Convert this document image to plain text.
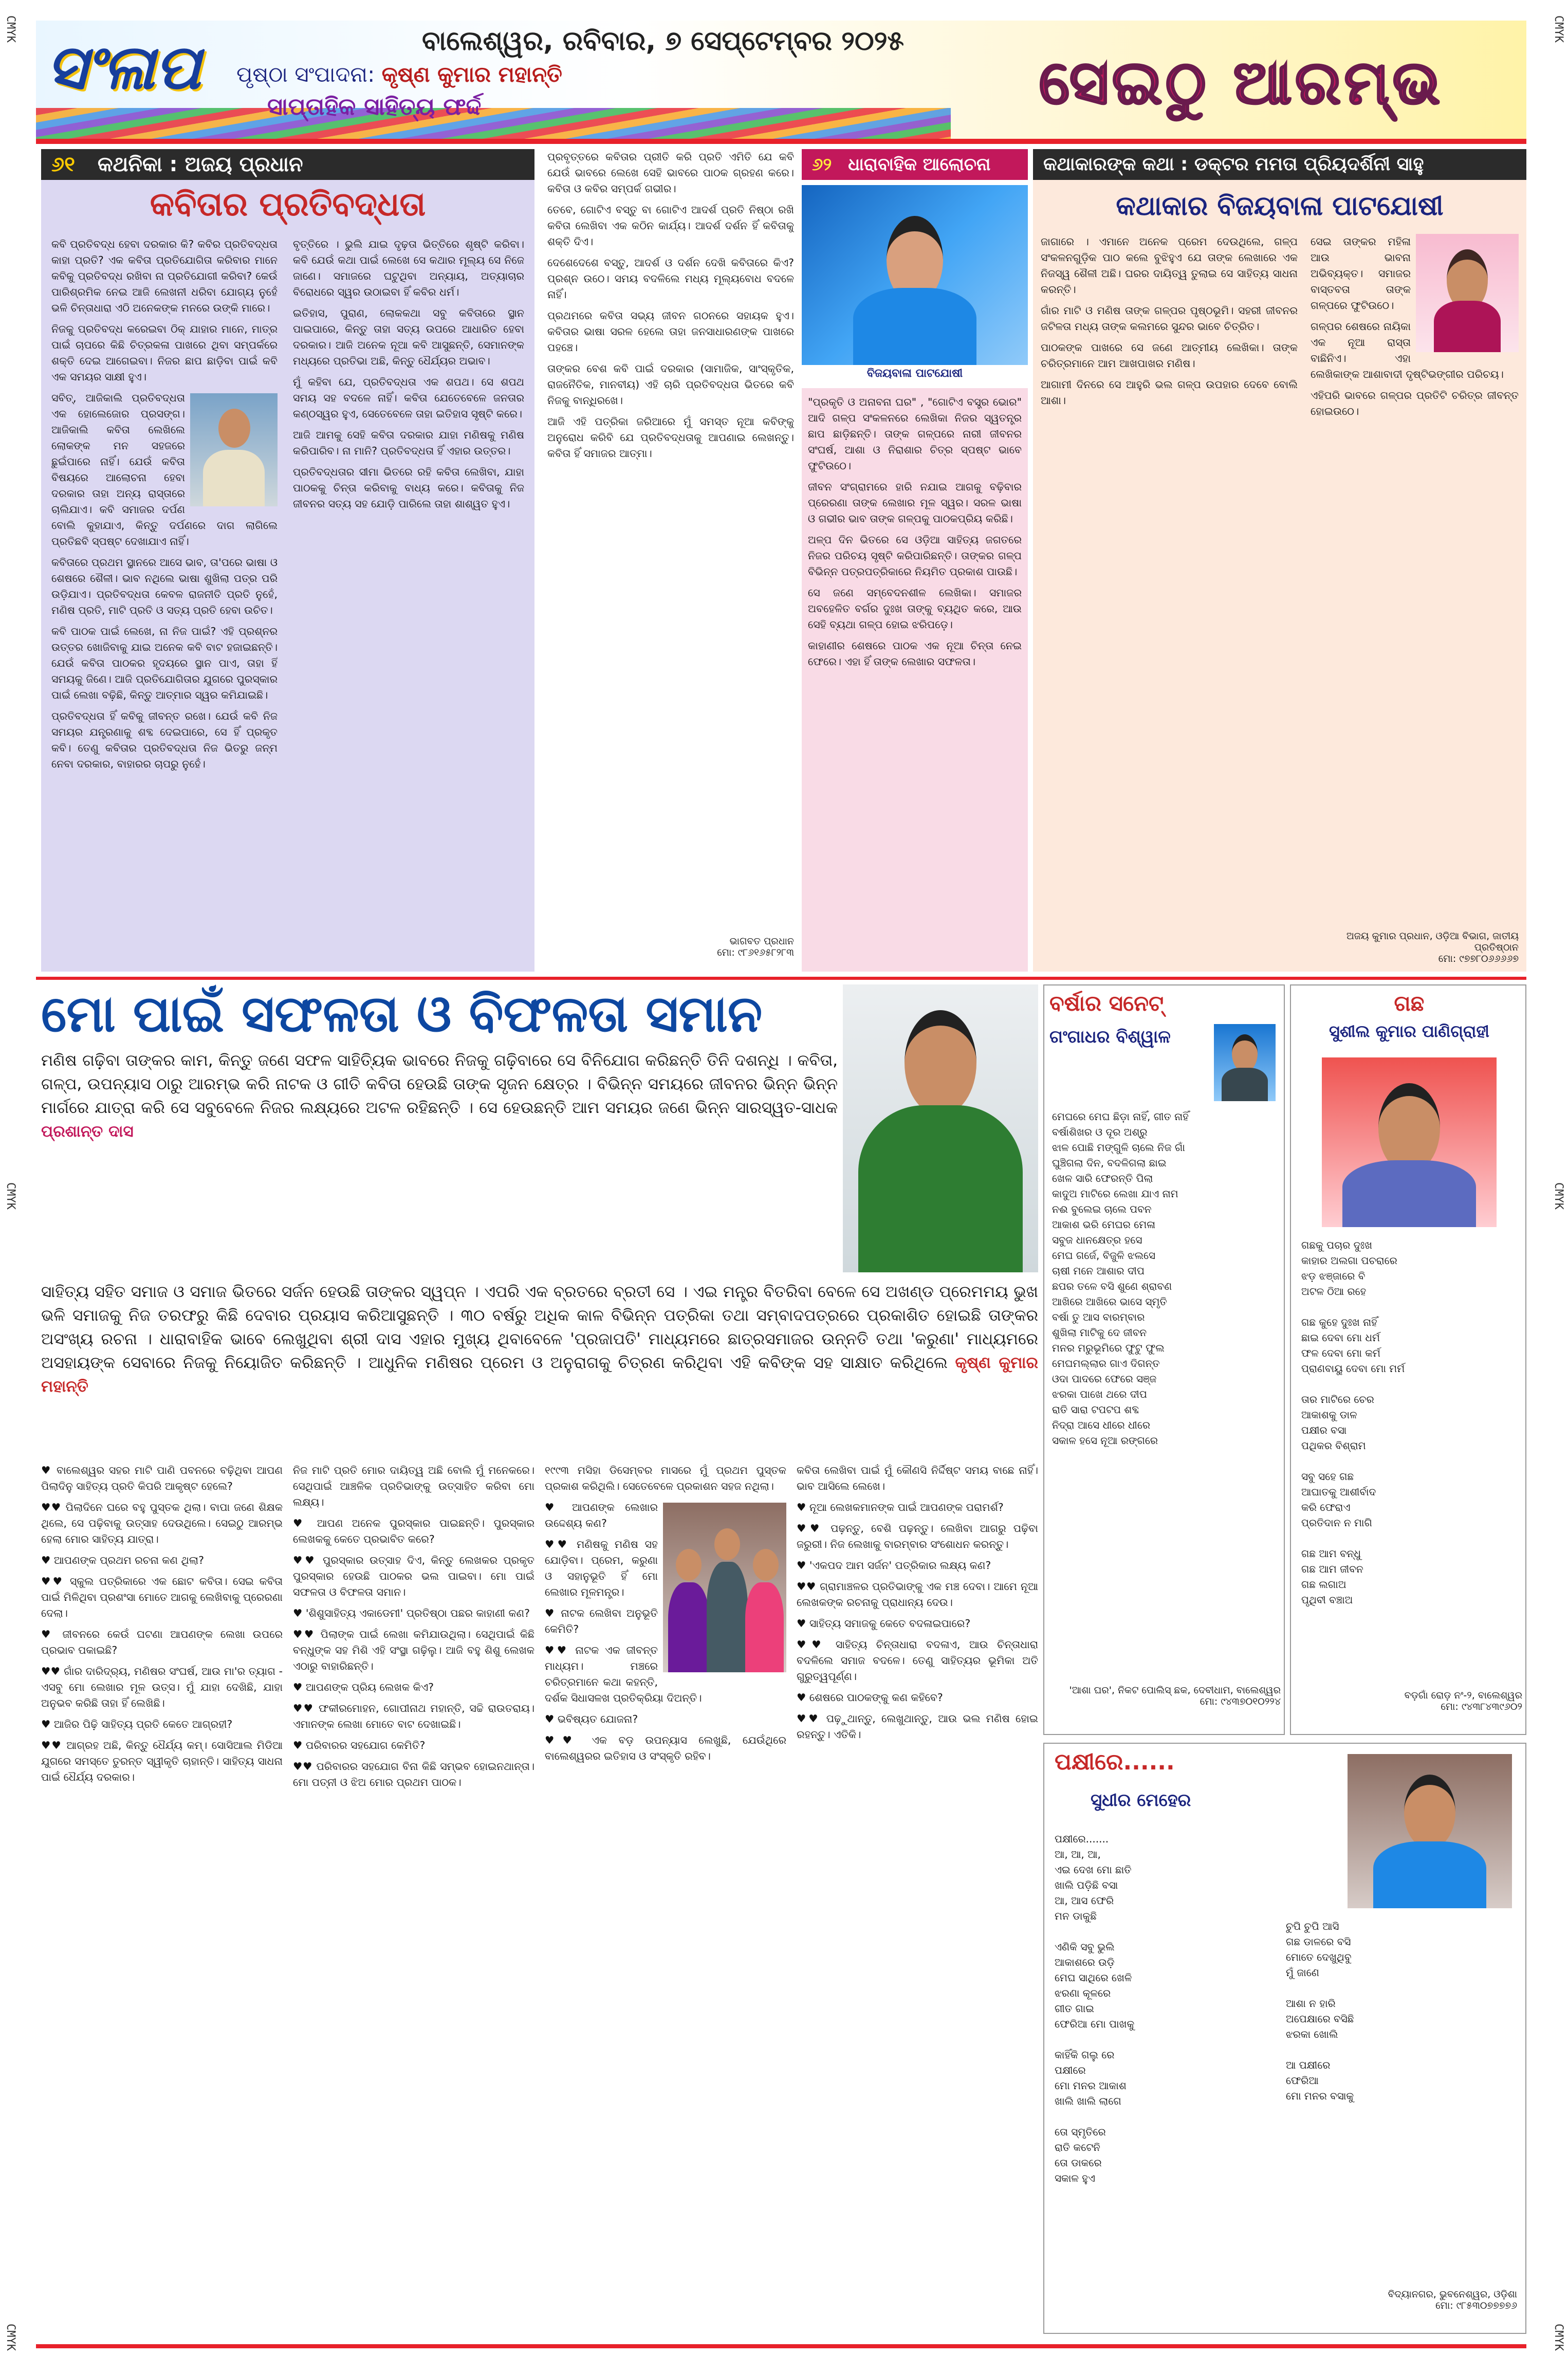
CMYK	CMYK
CMYK	CMYK
CMYK	CMYK
ସଂଳାପ	ବାଲେଶ୍ୱର, ରବିବାର, ୭ ସେପ୍ଟେମ୍ବର ୨୦୨୫
ପୃଷ୍ଠା ସଂପାଦନା: କୃଷ୍ଣ କୁମାର ମହାନ୍ତି
ସାପ୍ତାହିକ ସାହିତ୍ୟ ଫର୍ଦ୍ଦ	ସେଇଠୁ ଆରମ୍ଭ
୬୧ କଥନିକା : ଅଜୟ ପ୍ରଧାନ
କବିତାର ପ୍ରତିବଦ୍ଧତା

କବି ପ୍ରତିବଦ୍ଧ ହେବା ଦରକାର କି? କବିର ପ୍ରତିବଦ୍ଧତା କାହା ପ୍ରତି? ଏକ କବିତା ପ୍ରତିଯୋଗିତା କରିବାର ମାନେ କବିକୁ ପ୍ରତିବଦ୍ଧ ରଖିବା ନା ପ୍ରତିଯୋଗୀ କରିବା? କେଉଁ ପାରିଶ୍ରମିକ ନେଇ ଆଜି ଲେଖନୀ ଧରିବା ଯୋଗ୍ୟ ନୁହେଁ ଭଳି ଚିନ୍ତାଧାରା ଏଠି ଅନେକଙ୍କ ମନରେ ଉଙ୍କି ମାରେ।

ନିଜକୁ ପ୍ରତିବଦ୍ଧ କରେଇବା ଠିକ୍ ଯାହାର ମାନେ, ମାତ୍ର ପାଇଁ ଚାପରେ କିଛି ଚିତ୍ରକଳା ପାଖରେ ଥିବା ସମ୍ପର୍କରେ ଶକ୍ତି ଦେଇ ଆଗେଇବା। ନିଜର ଛାପ ଛାଡ଼ିବା ପାଇଁ କବି ଏକ ସମୟର ସାକ୍ଷୀ ହୁଏ।

ସବିତ୍, ଆଜିକାଲି ପ୍ରତିବଦ୍ଧତା ଏକ ହୋଲେଜୋର ପ୍ରସଙ୍ଗ। ଆଜିକାଲି କବିତା ଲେଖିଲେ ଲୋକଙ୍କ ମନ ସହଜରେ ଛୁଇଁପାରେ ନାହିଁ। ଯେଉଁ କବିତା ବିଷୟରେ ଆଲୋଚନା ହେବା ଦରକାର ତାହା ଅନ୍ୟ ରାସ୍ତାରେ ଚାଲିଯାଏ। କବି ସମାଜର ଦର୍ପଣ ବୋଲି କୁହାଯାଏ, କିନ୍ତୁ ଦର୍ପଣରେ ଦାଗ ଲାଗିଲେ ପ୍ରତିଛବି ସ୍ପଷ୍ଟ ଦେଖାଯାଏ ନାହିଁ।

କବିତାରେ ପ୍ରଥମ ସ୍ଥାନରେ ଆସେ ଭାବ, ତା'ପରେ ଭାଷା ଓ ଶେଷରେ ଶୈଳୀ। ଭାବ ନଥିଲେ ଭାଷା ଶୁଖିଲା ପତ୍ର ପରି ଉଡ଼ିଯାଏ। ପ୍ରତିବଦ୍ଧତା କେବଳ ରାଜନୀତି ପ୍ରତି ନୁହେଁ, ମଣିଷ ପ୍ରତି, ମାଟି ପ୍ରତି ଓ ସତ୍ୟ ପ୍ରତି ହେବା ଉଚିତ।

କବି ପାଠକ ପାଇଁ ଲେଖେ, ନା ନିଜ ପାଇଁ? ଏହି ପ୍ରଶ୍ନର ଉତ୍ତର ଖୋଜିବାକୁ ଯାଇ ଅନେକ କବି ବାଟ ହଜାଇଛନ୍ତି। ଯେଉଁ କବିତା ପାଠକର ହୃଦୟରେ ସ୍ଥାନ ପାଏ, ତାହା ହିଁ ସମୟକୁ ଜିଣେ। ଆଜି ପ୍ରତିଯୋଗିତାର ଯୁଗରେ ପୁରସ୍କାର ପାଇଁ ଲେଖା ବଢ଼ିଛି, କିନ୍ତୁ ଆତ୍ମାର ସ୍ୱର କମିଯାଇଛି।

ପ୍ରତିବଦ୍ଧତା ହିଁ କବିକୁ ଜୀବନ୍ତ ରଖେ। ଯେଉଁ କବି ନିଜ ସମୟର ଯନ୍ତ୍ରଣାକୁ ଶବ୍ଦ ଦେଇପାରେ, ସେ ହିଁ ପ୍ରକୃତ କବି। ତେଣୁ କବିତାର ପ୍ରତିବଦ୍ଧତା ନିଜ ଭିତରୁ ଜନ୍ମ ନେବା ଦରକାର, ବାହାରର ଚାପରୁ ନୁହେଁ।

ବୃତ୍ତିରେ । ଭୁଲି ଯାଇ ଦୃଢ଼ତା ଭିତ୍ତିରେ ଶୃଷ୍ଟି କରିବା। କବି ଯେଉଁ କଥା ପାଇଁ ଲେଖେ ସେ କଥାର ମୂଲ୍ୟ ସେ ନିଜେ ଜାଣେ। ସମାଜରେ ଘଟୁଥିବା ଅନ୍ୟାୟ, ଅତ୍ୟାଚାର ବିରୋଧରେ ସ୍ୱର ଉଠାଇବା ହିଁ କବିର ଧର୍ମ।

ଇତିହାସ, ପୁରାଣ, ଲୋକକଥା ସବୁ କବିତାରେ ସ୍ଥାନ ପାଇପାରେ, କିନ୍ତୁ ତାହା ସତ୍ୟ ଉପରେ ଆଧାରିତ ହେବା ଦରକାର। ଆଜି ଅନେକ ନୂଆ କବି ଆସୁଛନ୍ତି, ସେମାନଙ୍କ ମଧ୍ୟରେ ପ୍ରତିଭା ଅଛି, କିନ୍ତୁ ଧୈର୍ଯ୍ୟର ଅଭାବ।

ମୁଁ କହିବା ଯେ, ପ୍ରତିବଦ୍ଧତା ଏକ ଶପଥ। ସେ ଶପଥ ସମୟ ସହ ବଦଳେ ନାହିଁ। କବିତା ଯେତେବେଳେ ଜନତାର କଣ୍ଠସ୍ୱର ହୁଏ, ସେତେବେଳେ ତାହା ଇତିହାସ ସୃଷ୍ଟି କରେ।

ଆଜି ଆମକୁ ସେହି କବିତା ଦରକାର ଯାହା ମଣିଷକୁ ମଣିଷ କରିପାରିବ। ନା ମାନି? ପ୍ରତିବଦ୍ଧତା ହିଁ ଏହାର ଉତ୍ତର।

ପ୍ରତିବଦ୍ଧତାର ସୀମା ଭିତରେ ରହି କବିତା ଲେଖିବା, ଯାହା ପାଠକକୁ ଚିନ୍ତା କରିବାକୁ ବାଧ୍ୟ କରେ। କବିତାକୁ ନିଜ ଜୀବନର ସତ୍ୟ ସହ ଯୋଡ଼ି ପାରିଲେ ତାହା ଶାଶ୍ୱତ ହୁଏ।

ପ୍ରବୃତ୍ତରେ କବିତାର ପ୍ରୀତି କରି ପ୍ରତି ଏମିତି ଯେ କବି ଯେଉଁ ଭାବରେ ଲେଖେ ସେହି ଭାବରେ ପାଠକ ଗ୍ରହଣ କରେ। କବିତା ଓ କବିର ସମ୍ପର୍କ ଗଭୀର।

ତେବେ, ଗୋଟିଏ ବସ୍ତୁ ବା ଗୋଟିଏ ଆଦର୍ଶ ପ୍ରତି ନିଷ୍ଠା ରଖି କବିତା ଲେଖିବା ଏକ କଠିନ କାର୍ଯ୍ୟ। ଆଦର୍ଶ ଦର୍ଶନ ହିଁ କବିତାକୁ ଶକ୍ତି ଦିଏ।

ଦେଶେଦେଶେ ବସ୍ତୁ, ଆଦର୍ଶ ଓ ଦର୍ଶନ ଦେଖି କବିତାରେ କିଏ? ପ୍ରଶ୍ନ ଉଠେ। ସମୟ ବଦଳିଲେ ମଧ୍ୟ ମୂଲ୍ୟବୋଧ ବଦଳେ ନାହିଁ।

ପ୍ରଥମରେ କବିତା ସଭ୍ୟ ଜୀବନ ଗଠନରେ ସହାୟକ ହୁଏ। କବିତାର ଭାଷା ସରଳ ହେଲେ ତାହା ଜନସାଧାରଣଙ୍କ ପାଖରେ ପହଞ୍ଚେ।

ତାଙ୍କର ବେଶ କବି ପାଇଁ ଦରକାର (ସାମାଜିକ, ସାଂସ୍କୃତିକ, ରାଜନୈତିକ, ମାନବୀୟ) ଏହି ଚାରି ପ୍ରତିବଦ୍ଧତା ଭିତରେ କବି ନିଜକୁ ବାନ୍ଧିରଖେ।

ଆଜି ଏହି ପତ୍ରିକା ଜରିଆରେ ମୁଁ ସମସ୍ତ ନୂଆ କବିଙ୍କୁ ଅନୁରୋଧ କରିବି ଯେ ପ୍ରତିବଦ୍ଧତାକୁ ଆପଣାଇ ଲେଖନ୍ତୁ। କବିତା ହିଁ ସମାଜର ଆତ୍ମା।

ଭାଗବତ ପ୍ରଧାନ
ମୋ: ୯୮୬୧୬୫୮୨୮୩
୬୨ ଧାରାବାହିକ ଆଲୋଚନା
ବିଜୟବାଳା ପାଟଯୋଷୀ

"ପ୍ରକୃତି ଓ ଅନାବନା ଘର" , "ଗୋଟିଏ ବସ୍ତ୍ର ଭୋର" ଆଦି ଗଳ୍ପ ସଂକଳନରେ ଲେଖିକା ନିଜର ସ୍ୱତନ୍ତ୍ର ଛାପ ଛାଡ଼ିଛନ୍ତି। ତାଙ୍କ ଗଳ୍ପରେ ନାରୀ ଜୀବନର ସଂଘର୍ଷ, ଆଶା ଓ ନିରାଶାର ଚିତ୍ର ସ୍ପଷ୍ଟ ଭାବେ ଫୁଟିଉଠେ।

ଜୀବନ ସଂଗ୍ରାମରେ ହାରି ନଯାଇ ଆଗକୁ ବଢ଼ିବାର ପ୍ରେରଣା ତାଙ୍କ ଲେଖାର ମୂଳ ସ୍ୱର। ସରଳ ଭାଷା ଓ ଗଭୀର ଭାବ ତାଙ୍କ ଗଳ୍ପକୁ ପାଠକପ୍ରିୟ କରିଛି।

ଅଳ୍ପ ଦିନ ଭିତରେ ସେ ଓଡ଼ିଆ ସାହିତ୍ୟ ଜଗତରେ ନିଜର ପରିଚୟ ସୃଷ୍ଟି କରିପାରିଛନ୍ତି। ତାଙ୍କର ଗଳ୍ପ ବିଭିନ୍ନ ପତ୍ରପତ୍ରିକାରେ ନିୟମିତ ପ୍ରକାଶ ପାଉଛି।

ସେ ଜଣେ ସମ୍ବେଦନଶୀଳ ଲେଖିକା। ସମାଜର ଅବହେଳିତ ବର୍ଗର ଦୁଃଖ ତାଙ୍କୁ ବ୍ୟଥିତ କରେ, ଆଉ ସେହି ବ୍ୟଥା ଗଳ୍ପ ହୋଇ ଝରିପଡ଼େ।

କାହାଣୀର ଶେଷରେ ପାଠକ ଏକ ନୂଆ ଚିନ୍ତା ନେଇ ଫେରେ। ଏହା ହିଁ ତାଙ୍କ ଲେଖାର ସଫଳତା।

କଥାକାରଙ୍କ କଥା : ଡକ୍ଟର ମମତା ପ୍ରିୟଦର୍ଶିନୀ ସାହୁ
କଥାକାର ବିଜୟବାଳା ପାଟଯୋଷୀ

ଜାଗାରେ । ଏମାନେ ଅନେକ ପ୍ରେମ ଦେଉଥିଲେ, ଗଳ୍ପ ସଂକଳନଗୁଡ଼ିକ ପାଠ କଲେ ବୁଝିହୁଏ ଯେ ତାଙ୍କ ଲେଖାରେ ଏକ ନିଜସ୍ୱ ଶୈଳୀ ଅଛି। ଘରର ଦାୟିତ୍ୱ ତୁଲାଇ ସେ ସାହିତ୍ୟ ସାଧନା କରନ୍ତି।

ଗାଁର ମାଟି ଓ ମଣିଷ ତାଙ୍କ ଗଳ୍ପର ପୃଷ୍ଠଭୂମି। ସହରୀ ଜୀବନର ଜଟିଳତା ମଧ୍ୟ ତାଙ୍କ କଲମରେ ସୁନ୍ଦର ଭାବେ ଚିତ୍ରିତ।

ପାଠକଙ୍କ ପାଖରେ ସେ ଜଣେ ଆତ୍ମୀୟ ଲେଖିକା। ତାଙ୍କ ଚରିତ୍ରମାନେ ଆମ ଆଖପାଖର ମଣିଷ।

ଆଗାମୀ ଦିନରେ ସେ ଆହୁରି ଭଲ ଗଳ୍ପ ଉପହାର ଦେବେ ବୋଲି ଆଶା।

ସେଇ ତାଙ୍କର ମହିଳା ଆଉ ଭାବନା ଅଭିବ୍ୟକ୍ତ। ସମାଜର ବାସ୍ତବତା ତାଙ୍କ ଗଳ୍ପରେ ଫୁଟିଉଠେ।

ଗଳ୍ପର ଶେଷରେ ନାୟିକା ଏକ ନୂଆ ରାସ୍ତା ବାଛିନିଏ। ଏହା ଲେଖିକାଙ୍କ ଆଶାବାଦୀ ଦୃଷ୍ଟିଭଙ୍ଗୀର ପରିଚୟ।

ଏହିପରି ଭାବରେ ଗଳ୍ପର ପ୍ରତିଟି ଚରିତ୍ର ଜୀବନ୍ତ ହୋଇଉଠେ।

ଅଜୟ କୁମାର ପ୍ରଧାନ, ଓଡ଼ିଆ ବିଭାଗ, ଜାତୀୟ ପ୍ରତିଷ୍ଠାନ
ମୋ: ୯୭୭୮୦୬୬୬୬୭
ମୋ ପାଇଁ ସଫଳତା ଓ ବିଫଳତା ସମାନ
ମଣିଷ ଗଢ଼ିବା ତାଙ୍କର କାମ, କିନ୍ତୁ ଜଣେ ସଫଳ ସାହିତ୍ୟିକ ଭାବରେ ନିଜକୁ ଗଢ଼ିବାରେ ସେ ବିନିଯୋଗ କରିଛନ୍ତି ତିନି ଦଶନ୍ଧି । କବିତା, ଗଳ୍ପ, ଉପନ୍ୟାସ ଠାରୁ ଆରମ୍ଭ କରି ନାଟକ ଓ ଗୀତି କବିତା ହେଉଛି ତାଙ୍କ ସୃଜନ କ୍ଷେତ୍ର । ବିଭିନ୍ନ ସମୟରେ ଜୀବନର ଭିନ୍ନ ଭିନ୍ନ ମାର୍ଗରେ ଯାତ୍ରା କରି ସେ ସବୁବେଳେ ନିଜର ଲକ୍ଷ୍ୟରେ ଅଟଳ ରହିଛନ୍ତି । ସେ ହେଉଛନ୍ତି ଆମ ସମୟର ଜଣେ ଭିନ୍ନ ସାରସ୍ୱତ-ସାଧକ ପ୍ରଶାନ୍ତ ଦାସ
ସାହିତ୍ୟ ସହିତ ସମାଜ ଓ ସମାଜ ଭିତରେ ସର୍ଜନ ହେଉଛି ତାଙ୍କର ସ୍ୱପ୍ନ । ଏପରି ଏକ ବ୍ରତରେ ବ୍ରତୀ ସେ । ଏଇ ମନ୍ତ୍ର ବିତରିବା ବେଳେ ସେ ଅଖଣ୍ଡ ପ୍ରେମମୟ ଭୁଖ ଭଳି ସମାଜକୁ ନିଜ ତରଫରୁ କିଛି ଦେବାର ପ୍ରୟାସ କରିଆସୁଛନ୍ତି । ୩୦ ବର୍ଷରୁ ଅଧିକ କାଳ ବିଭିନ୍ନ ପତ୍ରିକା ତଥା ସମ୍ବାଦପତ୍ରରେ ପ୍ରକାଶିତ ହୋଇଛି ତାଙ୍କର ଅସଂଖ୍ୟ ରଚନା । ଧାରାବାହିକ ଭାବେ ଲେଖୁଥିବା ଶ୍ରୀ ଦାସ ଏହାର ମୁଖ୍ୟ ଥିବାବେଳେ 'ପ୍ରଜାପତି' ମାଧ୍ୟମରେ ଛାତ୍ରସମାଜର ଉନ୍ନତି ତଥା 'କରୁଣା' ମାଧ୍ୟମରେ ଅସହାୟଙ୍କ ସେବାରେ ନିଜକୁ ନିୟୋଜିତ କରିଛନ୍ତି । ଆଧୁନିକ ମଣିଷର ପ୍ରେମ ଓ ଅନୁରାଗକୁ ଚିତ୍ରଣ କରିଥିବା ଏହି କବିଙ୍କ ସହ ସାକ୍ଷାତ କରିଥିଲେ କୃଷ୍ଣ କୁମାର ମହାନ୍ତି

♥ ବାଲେଶ୍ୱର ସହର ମାଟି ପାଣି ପବନରେ ବଢ଼ିଥିବା ଆପଣ ପିଲାଦିନୁ ସାହିତ୍ୟ ପ୍ରତି କିପରି ଆକୃଷ୍ଟ ହେଲେ?

♥♥ ପିଲାଦିନେ ଘରେ ବହୁ ପୁସ୍ତକ ଥିଲା। ବାପା ଜଣେ ଶିକ୍ଷକ ଥିଲେ, ସେ ପଢ଼ିବାକୁ ଉତ୍ସାହ ଦେଉଥିଲେ। ସେଇଠୁ ଆରମ୍ଭ ହେଲା ମୋର ସାହିତ୍ୟ ଯାତ୍ରା।

♥ ଆପଣଙ୍କ ପ୍ରଥମ ରଚନା କଣ ଥିଲା?

♥♥ ସ୍କୁଲ ପତ୍ରିକାରେ ଏକ ଛୋଟ କବିତା। ସେଇ କବିତା ପାଇଁ ମିଳିଥିବା ପ୍ରଶଂସା ମୋତେ ଆଗକୁ ଲେଖିବାକୁ ପ୍ରେରଣା ଦେଲା।

♥ ଜୀବନରେ କେଉଁ ଘଟଣା ଆପଣଙ୍କ ଲେଖା ଉପରେ ପ୍ରଭାବ ପକାଇଛି?

♥♥ ଗାଁର ଦାରିଦ୍ର୍ୟ, ମଣିଷର ସଂଘର୍ଷ, ଆଉ ମା'ର ତ୍ୟାଗ - ଏସବୁ ମୋ ଲେଖାର ମୂଳ ଉତ୍ସ। ମୁଁ ଯାହା ଦେଖିଛି, ଯାହା ଅନୁଭବ କରିଛି ତାହା ହିଁ ଲେଖିଛି।

♥ ଆଜିର ପିଢ଼ି ସାହିତ୍ୟ ପ୍ରତି କେତେ ଆଗ୍ରହୀ?

♥♥ ଆଗ୍ରହ ଅଛି, କିନ୍ତୁ ଧୈର୍ଯ୍ୟ କମ୍। ସୋସିଆଲ ମିଡିଆ ଯୁଗରେ ସମସ୍ତେ ତୁରନ୍ତ ସ୍ୱୀକୃତି ଚାହାନ୍ତି। ସାହିତ୍ୟ ସାଧନା ପାଇଁ ଧୈର୍ଯ୍ୟ ଦରକାର।

ନିଜ ମାଟି ପ୍ରତି ମୋର ଦାୟିତ୍ୱ ଅଛି ବୋଲି ମୁଁ ମନେକରେ। ସେଥିପାଇଁ ଆଞ୍ଚଳିକ ପ୍ରତିଭାଙ୍କୁ ଉତ୍ସାହିତ କରିବା ମୋ ଲକ୍ଷ୍ୟ।

♥ ଆପଣ ଅନେକ ପୁରସ୍କାର ପାଇଛନ୍ତି। ପୁରସ୍କାର ଲେଖକକୁ କେତେ ପ୍ରଭାବିତ କରେ?

♥♥ ପୁରସ୍କାର ଉତ୍ସାହ ଦିଏ, କିନ୍ତୁ ଲେଖକର ପ୍ରକୃତ ପୁରସ୍କାର ହେଉଛି ପାଠକର ଭଲ ପାଇବା। ମୋ ପାଇଁ ସଫଳତା ଓ ବିଫଳତା ସମାନ।

♥ 'ଶିଶୁସାହିତ୍ୟ ଏକାଡେମୀ' ପ୍ରତିଷ୍ଠା ପଛର କାହାଣୀ କଣ?

♥♥ ପିଲାଙ୍କ ପାଇଁ ଲେଖା କମିଯାଉଥିଲା। ସେଥିପାଇଁ କିଛି ବନ୍ଧୁଙ୍କ ସହ ମିଶି ଏହି ସଂସ୍ଥା ଗଢ଼ିଲୁ। ଆଜି ବହୁ ଶିଶୁ ଲେଖକ ଏଠାରୁ ବାହାରିଛନ୍ତି।

♥ ଆପଣଙ୍କ ପ୍ରିୟ ଲେଖକ କିଏ?

♥♥ ଫକୀରମୋହନ, ଗୋପୀନାଥ ମହାନ୍ତି, ସଚ୍ଚି ରାଉତରାୟ। ଏମାନଙ୍କ ଲେଖା ମୋତେ ବାଟ ଦେଖାଇଛି।

♥ ପରିବାରର ସହଯୋଗ କେମିତି?

♥♥ ପରିବାରର ସହଯୋଗ ବିନା କିଛି ସମ୍ଭବ ହୋଇନଥାନ୍ତା। ମୋ ପତ୍ନୀ ଓ ଝିଅ ମୋର ପ୍ରଥମ ପାଠକ।

୧୯୯୩ ମସିହା ଡିସେମ୍ବର ମାସରେ ମୁଁ ପ୍ରଥମ ପୁସ୍ତକ ପ୍ରକାଶ କରିଥିଲି। ସେତେବେଳେ ପ୍ରକାଶନ ସହଜ ନଥିଲା।

♥ ଆପଣଙ୍କ ଲେଖାର ଉଦ୍ଦେଶ୍ୟ କଣ?

♥♥ ମଣିଷକୁ ମଣିଷ ସହ ଯୋଡ଼ିବା। ପ୍ରେମ, କରୁଣା ଓ ସହାନୁଭୂତି ହିଁ ମୋ ଲେଖାର ମୂଳମନ୍ତ୍ର।

♥ ନାଟକ ଲେଖିବା ଅନୁଭୂତି କେମିତି?

♥♥ ନାଟକ ଏକ ଜୀବନ୍ତ ମାଧ୍ୟମ। ମଞ୍ଚରେ ଚରିତ୍ରମାନେ କଥା କହନ୍ତି, ଦର୍ଶକ ସିଧାସଳଖ ପ୍ରତିକ୍ରିୟା ଦିଅନ୍ତି।

♥ ଭବିଷ୍ୟତ ଯୋଜନା?

♥♥ ଏକ ବଡ଼ ଉପନ୍ୟାସ ଲେଖୁଛି, ଯେଉଁଥିରେ ବାଲେଶ୍ୱରର ଇତିହାସ ଓ ସଂସ୍କୃତି ରହିବ।

କବିତା ଲେଖିବା ପାଇଁ ମୁଁ କୌଣସି ନିର୍ଦ୍ଦିଷ୍ଟ ସମୟ ବାଛେ ନାହିଁ। ଭାବ ଆସିଲେ ଲେଖେ।

♥ ନୂଆ ଲେଖକମାନଙ୍କ ପାଇଁ ଆପଣଙ୍କ ପରାମର୍ଶ?

♥♥ ପଢ଼ନ୍ତୁ, ବେଶି ପଢ଼ନ୍ତୁ। ଲେଖିବା ଆଗରୁ ପଢ଼ିବା ଜରୁରୀ। ନିଜ ଲେଖାକୁ ବାରମ୍ବାର ସଂଶୋଧନ କରନ୍ତୁ।

♥ 'ଏକପଦ ଆମ ସର୍ଜନ' ପତ୍ରିକାର ଲକ୍ଷ୍ୟ କଣ?

♥♥ ଗ୍ରାମାଞ୍ଚଳର ପ୍ରତିଭାଙ୍କୁ ଏକ ମଞ୍ଚ ଦେବା। ଆମେ ନୂଆ ଲେଖକଙ୍କ ରଚନାକୁ ପ୍ରାଧାନ୍ୟ ଦେଉ।

♥ ସାହିତ୍ୟ ସମାଜକୁ କେତେ ବଦଳାଇପାରେ?

♥♥ ସାହିତ୍ୟ ଚିନ୍ତାଧାରା ବଦଳାଏ, ଆଉ ଚିନ୍ତାଧାରା ବଦଳିଲେ ସମାଜ ବଦଳେ। ତେଣୁ ସାହିତ୍ୟର ଭୂମିକା ଅତି ଗୁରୁତ୍ୱପୂର୍ଣ୍ଣ।

♥ ଶେଷରେ ପାଠକଙ୍କୁ କଣ କହିବେ?

♥♥ ପଢ଼ୁଥାନ୍ତୁ, ଲେଖୁଥାନ୍ତୁ, ଆଉ ଭଲ ମଣିଷ ହୋଇ ରହନ୍ତୁ। ଏତିକି।

ବର୍ଷାର ସନେଟ୍
ଗଂଗାଧର ବିଶ୍ୱାଳ
ମେଘରେ ମେଘ ଛିଡ଼ା ନାହିଁ, ଗୀତ ନାହିଁ
ବର୍ଷାଶିଖର ଓ ଦୂର ଅଶ୍ରୁ
ଝାଳ ପୋଛି ମଙ୍ଗୁଳି ଚାଲେ ନିଜ ଗାଁ
ଘୁଞ୍ଚିଗଲା ଦିନ, ବଦଳିଗଲା ଛାଇ
ଖେଳ ସାରି ଫେରନ୍ତି ପିଲା
କାଦୁଅ ମାଟିରେ ଲେଖା ଯାଏ ନାମ
ନଈ ବୁଲେଇ ଚାଲେ ପବନ
ଆକାଶ ଭରି ମେଘର ମେଳା
ସବୁଜ ଧାନକ୍ଷେତ୍ର ହସେ
ମେଘ ଗର୍ଜେ, ବିଜୁଳି ଝଲସେ
ଚାଷୀ ମନେ ଆଶାର ଦୀପ
ଛପର ତଳେ ବସି ଶୁଣେ ଶ୍ରାବଣ
ଆଖିରେ ଆଖିରେ ଭାସେ ସ୍ମୃତି
ବର୍ଷା ତୁ ଆସ ବାରମ୍ବାର
ଶୁଖିଲା ମାଟିକୁ ଦେ ଜୀବନ
ମନର ମରୁଭୂମିରେ ଫୁଟୁ ଫୁଲ
ମେଘମଲ୍ଲାର ଗାଏ ଦିଗନ୍ତ
ଓଦା ପାଦରେ ଫେରେ ସଞ୍ଜ
ଝରକା ପାଖେ ଥରେ ଦୀପ
ରାତି ସାରା ଟପଟପ ଶବ୍ଦ
ନିଦ୍ରା ଆସେ ଧୀରେ ଧୀରେ
ସକାଳ ହସେ ନୂଆ ରଙ୍ଗରେ
'ଆଶା ଘର', ନିକଟ ପୋଲିସ୍ ଛକ, ଦେବୀଧାମ, ବାଲେଶ୍ୱର
ମୋ: ୯୪୩୭୦୧୦୨୨୪
ଗଛ
ସୁଶୀଲ କୁମାର ପାଣିଗ୍ରାହୀ
ଗଛକୁ ପଚାର ଦୁଃଖ
କାହାର ଅଲଗା ପଚରାରେ
ଝଡ଼ ଝଞ୍ଜାରେ ବି
ଅଟଳ ଠିଆ ରହେ

ଗଛ କୁହେ ଦୁଃଖ ନାହିଁ
ଛାଇ ଦେବା ମୋ ଧର୍ମ
ଫଳ ଦେବା ମୋ କର୍ମ
ପ୍ରାଣବାୟୁ ଦେବା ମୋ ମର୍ମ

ତାର ମାଟିରେ ଚେର
ଆକାଶକୁ ଡାଳ
ପକ୍ଷୀର ବସା
ପଥିକର ବିଶ୍ରାମ

ସବୁ ସହେ ଗଛ
ଆଘାତକୁ ଆଶୀର୍ବାଦ
କରି ଫେରାଏ
ପ୍ରତିଦାନ ନ ମାଗି

ଗଛ ଆମ ବନ୍ଧୁ
ଗଛ ଆମ ଜୀବନ
ଗଛ ଲଗାଅ
ପୃଥିବୀ ବଞ୍ଚାଅ
ବଡ଼ଗାଁ ରୋଡ଼ ନଂ-୨, ବାଲେଶ୍ୱର
ମୋ: ୯୪୩୮୪୩୯୬୦୨
ପକ୍ଷୀରେ......
ସୁଧୀର ମେହେର
ପକ୍ଷୀରେ.......
ଆ, ଆ, ଆ,
ଏଇ ଦେଖ ମୋ ଛାତି
ଖାଲି ପଡ଼ିଛି ବସା
ଆ, ଆସ ଫେରି
ମନ ଡାକୁଛି

ଏଣିକି ସବୁ ଭୁଲି
ଆକାଶରେ ଉଡ଼ି
ମେଘ ସାଥିରେ ଖେଳି
ଝରଣା କୂଳରେ
ଗୀତ ଗାଇ
ଫେରିଆ ମୋ ପାଖକୁ

କାହିଁକି ଗଲୁ ରେ
ପକ୍ଷୀରେ
ମୋ ମନର ଆକାଶ
ଖାଲି ଖାଲି ଲାଗେ

ତୋ ସ୍ମୃତିରେ
ରାତି କଟେନି
ତୋ ଡାକରେ
ସକାଳ ହୁଏ
ଚୁପି ଚୁପି ଆସି
ଗଛ ଡାଳରେ ବସି
ମୋତେ ଦେଖୁଥିବୁ
ମୁଁ ଜାଣେ

ଆଶା ନ ହାରି
ଅପେକ୍ଷାରେ ବସିଛି
ଝରକା ଖୋଲି

ଆ ପକ୍ଷୀରେ
ଫେରିଆ
ମୋ ମନର ବସାକୁ
ବିଦ୍ୟାନଗର, ଭୁବନେଶ୍ୱର, ଓଡ଼ିଶା
ମୋ: ୯୮୫୩୦୭୭୭୭୬
